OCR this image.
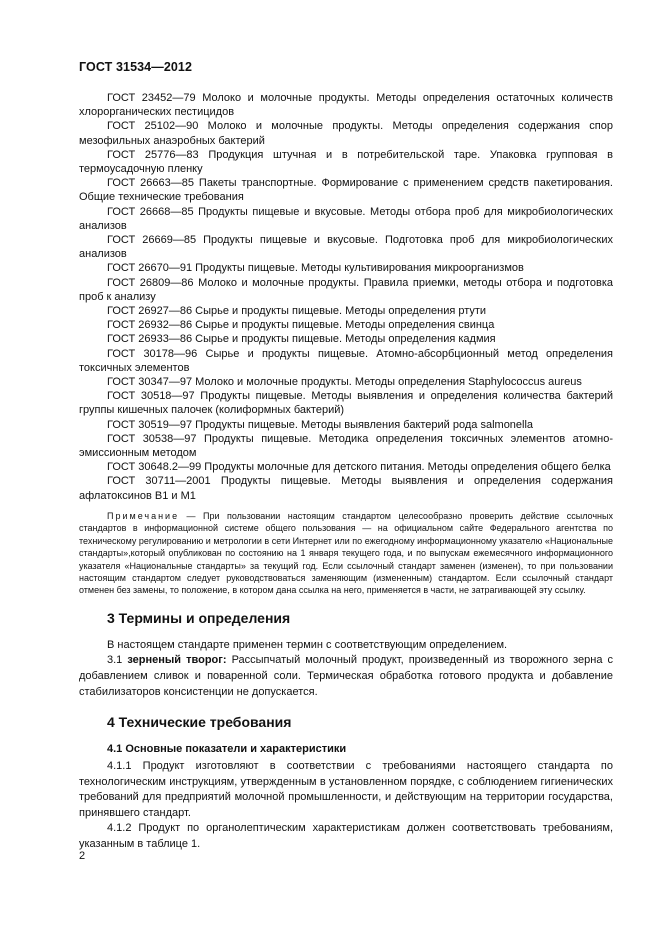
ГОСТ 31534—2012

ГОСТ 23452—79 Молоко и молочные продукты. Методы определения остаточных количеств хлорорганических пестицидов

ГОСТ 25102—90 Молоко и молочные продукты. Методы определения содержания спор мезофильных анаэробных бактерий

ГОСТ 25776—83 Продукция штучная и в потребительской таре. Упаковка групповая в термоусадочную пленку

ГОСТ 26663—85 Пакеты транспортные. Формирование с применением средств пакетирования. Общие технические требования

ГОСТ 26668—85 Продукты пищевые и вкусовые. Методы отбора проб для микробиологических анализов

ГОСТ 26669—85 Продукты пищевые и вкусовые. Подготовка проб для микробиологических анализов

ГОСТ 26670—91 Продукты пищевые. Методы культивирования микроорганизмов

ГОСТ 26809—86 Молоко и молочные продукты. Правила приемки, методы отбора и подготовка проб к анализу

ГОСТ 26927—86 Сырье и продукты пищевые. Методы определения ртути

ГОСТ 26932—86 Сырье и продукты пищевые. Методы определения свинца

ГОСТ 26933—86 Сырье и продукты пищевые. Методы определения кадмия

ГОСТ 30178—96 Сырье и продукты пищевые. Атомно-абсорбционный метод определения токсичных элементов

ГОСТ 30347—97 Молоко и молочные продукты. Методы определения Staphylococcus aureus

ГОСТ 30518—97 Продукты пищевые. Методы выявления и определения количества бактерий группы кишечных палочек (колиформных бактерий)

ГОСТ 30519—97 Продукты пищевые. Методы выявления бактерий рода salmonella

ГОСТ 30538—97 Продукты пищевые. Методика определения токсичных элементов атомно-эмиссионным методом

ГОСТ 30648.2—99 Продукты молочные для детского питания. Методы определения общего белка

ГОСТ 30711—2001 Продукты пищевые. Методы выявления и определения содержания афлатоксинов В1 и М1

Примечание — При пользовании настоящим стандартом целесообразно проверить действие ссылочных стандартов в информационной системе общего пользования — на официальном сайте Федерального агентства по техническому регулированию и метрологии в сети Интернет или по ежегодному информационному указателю «Национальные стандарты»,который опубликован по состоянию на 1 января текущего года, и по выпускам ежемесячного информационного указателя «Национальные стандарты» за текущий год. Если ссылочный стандарт заменен (изменен), то при пользовании настоящим стандартом следует руководствоваться заменяющим (измененным) стандартом. Если ссылочный стандарт отменен без замены, то положение, в котором дана ссылка на него, применяется в части, не затрагивающей эту ссылку.
3 Термины и определения

В настоящем стандарте применен термин с соответствующим определением.

3.1 зерненый творог: Рассыпчатый молочный продукт, произведенный из творожного зерна с добавлением сливок и поваренной соли. Термическая обработка готового продукта и добавление стабилизаторов консистенции не допускается.

4 Технические требования
4.1 Основные показатели и характеристики

4.1.1 Продукт изготовляют в соответствии с требованиями настоящего стандарта по технологическим инструкциям, утвержденным в установленном порядке, с соблюдением гигиенических требований для предприятий молочной промышленности, и действующим на территории государства, принявшего стандарт.

4.1.2 Продукт по органолептическим характеристикам должен соответствовать требованиям, указанным в таблице 1.

2
